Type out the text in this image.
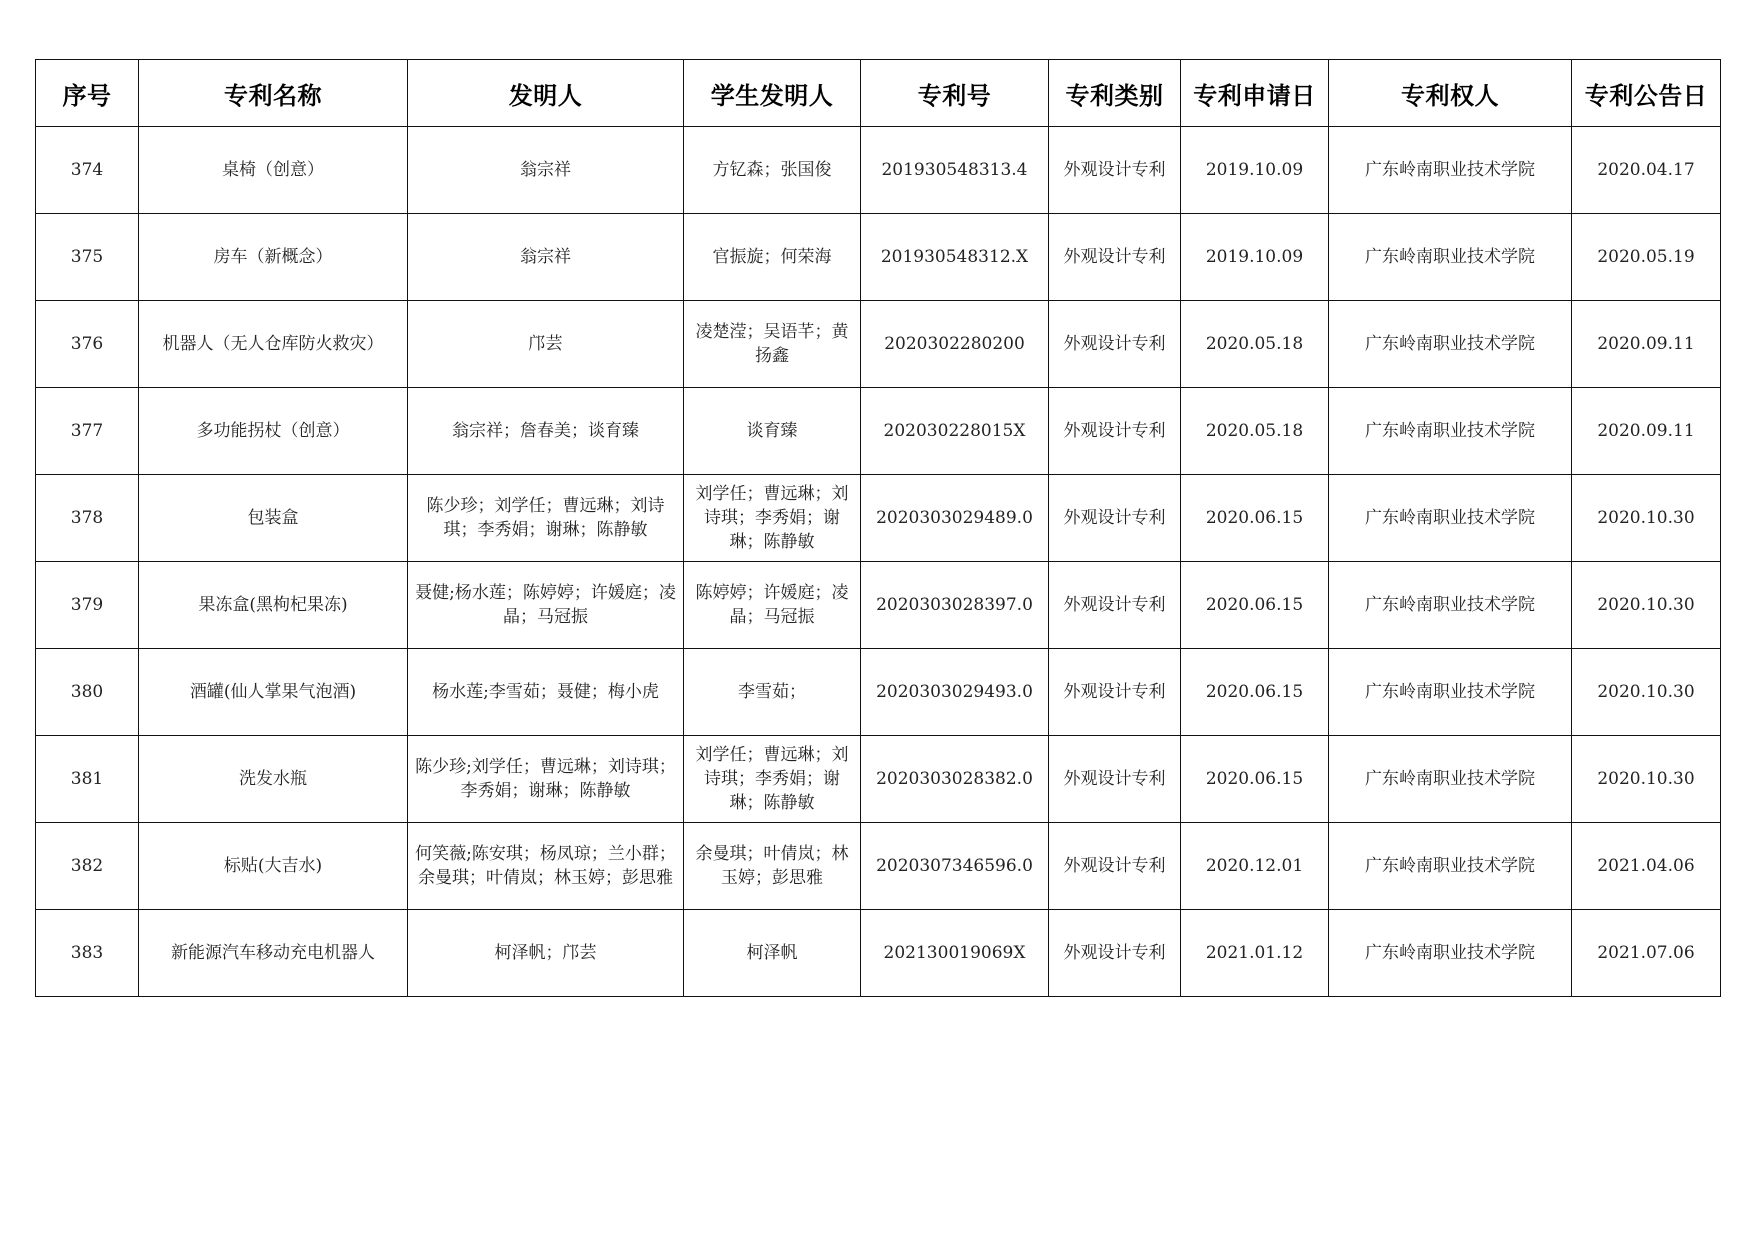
序号	专利名称	发明人	学生发明人	专利号	专利类别	专利申请日	专利权人	专利公告日
374	桌椅（创意）	翁宗祥	方钇森；张国俊	201930548313.4	外观设计专利	2019.10.09	广东岭南职业技术学院	2020.04.17
375	房车（新概念）	翁宗祥	官振旋；何荣海	201930548312.X	外观设计专利	2019.10.09	广东岭南职业技术学院	2020.05.19
376	机器人（无人仓库防火救灾）	邝芸	凌楚滢；吴语芊；黄扬鑫	2020302280200	外观设计专利	2020.05.18	广东岭南职业技术学院	2020.09.11
377	多功能拐杖（创意）	翁宗祥；詹春美；谈育臻	谈育臻	202030228015X	外观设计专利	2020.05.18	广东岭南职业技术学院	2020.09.11
378	包装盒	陈少珍；刘学任；曹远琳；刘诗琪；李秀娟；谢琳；陈静敏	刘学任；曹远琳；刘诗琪；李秀娟；谢琳；陈静敏	2020303029489.0	外观设计专利	2020.06.15	广东岭南职业技术学院	2020.10.30
379	果冻盒(黑枸杞果冻)	聂健;杨水莲；陈婷婷；许媛庭；凌晶；马冠振	陈婷婷；许媛庭；凌晶；马冠振	2020303028397.0	外观设计专利	2020.06.15	广东岭南职业技术学院	2020.10.30
380	酒罐(仙人掌果气泡酒)	杨水莲;李雪茹；聂健；梅小虎	李雪茹；	2020303029493.0	外观设计专利	2020.06.15	广东岭南职业技术学院	2020.10.30
381	洗发水瓶	陈少珍;刘学任；曹远琳；刘诗琪；李秀娟；谢琳；陈静敏	刘学任；曹远琳；刘诗琪；李秀娟；谢琳；陈静敏	2020303028382.0	外观设计专利	2020.06.15	广东岭南职业技术学院	2020.10.30
382	标贴(大吉水)	何笑薇;陈安琪；杨凤琼；兰小群；余曼琪；叶倩岚；林玉婷；彭思雅	余曼琪；叶倩岚；林玉婷；彭思雅	2020307346596.0	外观设计专利	2020.12.01	广东岭南职业技术学院	2021.04.06
383	新能源汽车移动充电机器人	柯泽帆；邝芸	柯泽帆	202130019069X	外观设计专利	2021.01.12	广东岭南职业技术学院	2021.07.06
